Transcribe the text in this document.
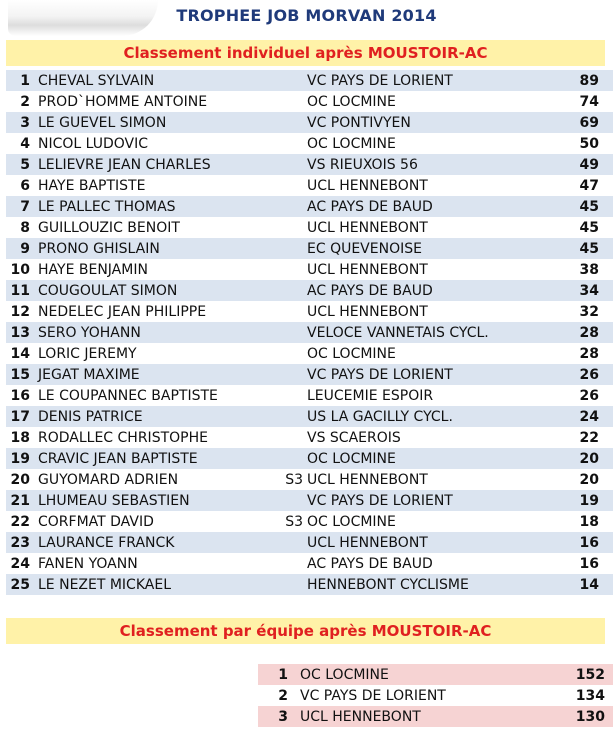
TROPHEE JOB MORVAN 2014
Classement individuel après MOUSTOIR-AC
1	CHEVAL SYLVAIN		VC PAYS DE LORIENT	89
2	PROD`HOMME ANTOINE		OC LOCMINE	74
3	LE GUEVEL SIMON		VC PONTIVYEN	69
4	NICOL LUDOVIC		OC LOCMINE	50
5	LELIEVRE JEAN CHARLES		VS RIEUXOIS 56	49
6	HAYE BAPTISTE		UCL HENNEBONT	47
7	LE PALLEC THOMAS		AC PAYS DE BAUD	45
8	GUILLOUZIC BENOIT		UCL HENNEBONT	45
9	PRONO GHISLAIN		EC QUEVENOISE	45
10	HAYE BENJAMIN		UCL HENNEBONT	38
11	COUGOULAT SIMON		AC PAYS DE BAUD	34
12	NEDELEC JEAN PHILIPPE		UCL HENNEBONT	32
13	SERO YOHANN		VELOCE VANNETAIS CYCL.	28
14	LORIC JEREMY		OC LOCMINE	28
15	JEGAT MAXIME		VC PAYS DE LORIENT	26
16	LE COUPANNEC BAPTISTE		LEUCEMIE ESPOIR	26
17	DENIS PATRICE		US LA GACILLY CYCL.	24
18	RODALLEC CHRISTOPHE		VS SCAEROIS	22
19	CRAVIC JEAN BAPTISTE		OC LOCMINE	20
20	GUYOMARD ADRIEN	S3	UCL HENNEBONT	20
21	LHUMEAU SEBASTIEN		VC PAYS DE LORIENT	19
22	CORFMAT DAVID	S3	OC LOCMINE	18
23	LAURANCE FRANCK		UCL HENNEBONT	16
24	FANEN YOANN		AC PAYS DE BAUD	16
25	LE NEZET MICKAEL		HENNEBONT CYCLISME	14
Classement par équipe après MOUSTOIR-AC
1	OC LOCMINE	152
2	VC PAYS DE LORIENT	134
3	UCL HENNEBONT	130
